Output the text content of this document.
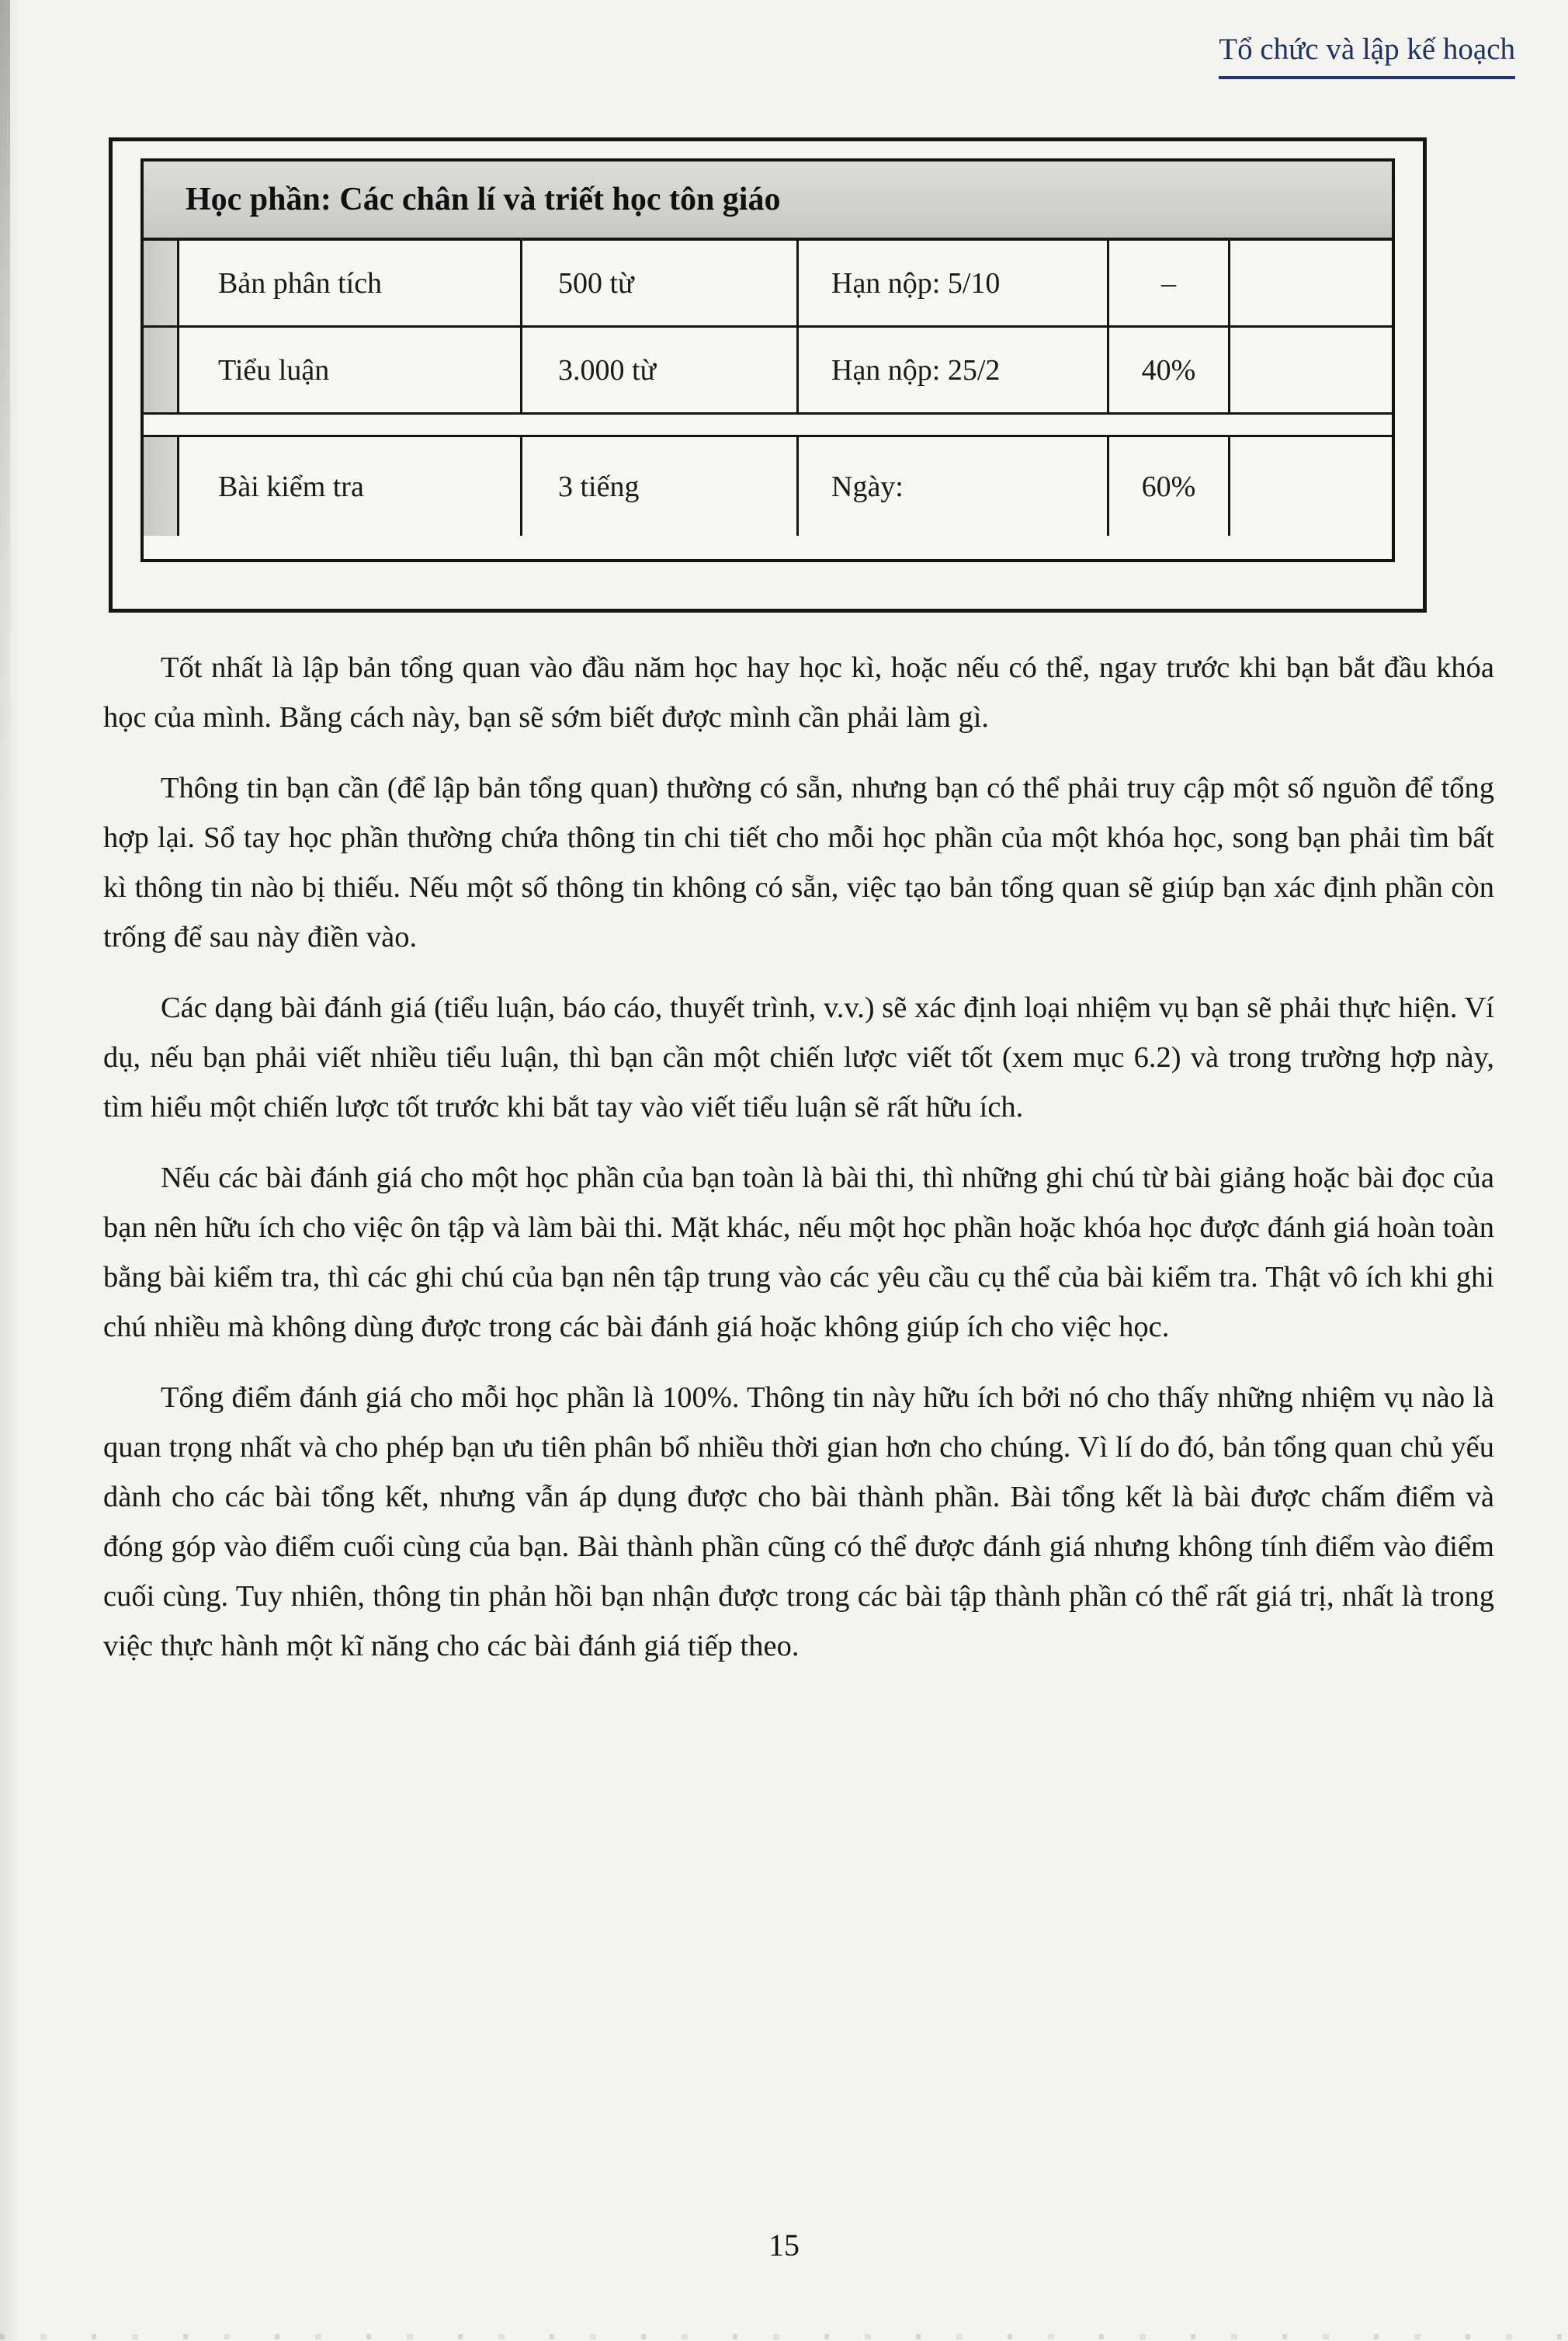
Tổ chức và lập kế hoạch
Học phần: Các chân lí và triết học tôn giáo
Bản phân tích	500 từ	Hạn nộp: 5/10	–
Tiểu luận	3.000 từ	Hạn nộp: 25/2	40%
Bài kiểm tra	3 tiếng	Ngày:	60%

Tốt nhất là lập bản tổng quan vào đầu năm học hay học kì, hoặc nếu có thể, ngay trước khi bạn bắt đầu khóa học của mình. Bằng cách này, bạn sẽ sớm biết được mình cần phải làm gì.

Thông tin bạn cần (để lập bản tổng quan) thường có sẵn, nhưng bạn có thể phải truy cập một số nguồn để tổng hợp lại. Sổ tay học phần thường chứa thông tin chi tiết cho mỗi học phần của một khóa học, song bạn phải tìm bất kì thông tin nào bị thiếu. Nếu một số thông tin không có sẵn, việc tạo bản tổng quan sẽ giúp bạn xác định phần còn trống để sau này điền vào.

Các dạng bài đánh giá (tiểu luận, báo cáo, thuyết trình, v.v.) sẽ xác định loại nhiệm vụ bạn sẽ phải thực hiện. Ví dụ, nếu bạn phải viết nhiều tiểu luận, thì bạn cần một chiến lược viết tốt (xem mục 6.2) và trong trường hợp này, tìm hiểu một chiến lược tốt trước khi bắt tay vào viết tiểu luận sẽ rất hữu ích.

Nếu các bài đánh giá cho một học phần của bạn toàn là bài thi, thì những ghi chú từ bài giảng hoặc bài đọc của bạn nên hữu ích cho việc ôn tập và làm bài thi. Mặt khác, nếu một học phần hoặc khóa học được đánh giá hoàn toàn bằng bài kiểm tra, thì các ghi chú của bạn nên tập trung vào các yêu cầu cụ thể của bài kiểm tra. Thật vô ích khi ghi chú nhiều mà không dùng được trong các bài đánh giá hoặc không giúp ích cho việc học.

Tổng điểm đánh giá cho mỗi học phần là 100%. Thông tin này hữu ích bởi nó cho thấy những nhiệm vụ nào là quan trọng nhất và cho phép bạn ưu tiên phân bổ nhiều thời gian hơn cho chúng. Vì lí do đó, bản tổng quan chủ yếu dành cho các bài tổng kết, nhưng vẫn áp dụng được cho bài thành phần. Bài tổng kết là bài được chấm điểm và đóng góp vào điểm cuối cùng của bạn. Bài thành phần cũng có thể được đánh giá nhưng không tính điểm vào điểm cuối cùng. Tuy nhiên, thông tin phản hồi bạn nhận được trong các bài tập thành phần có thể rất giá trị, nhất là trong việc thực hành một kĩ năng cho các bài đánh giá tiếp theo.

15
